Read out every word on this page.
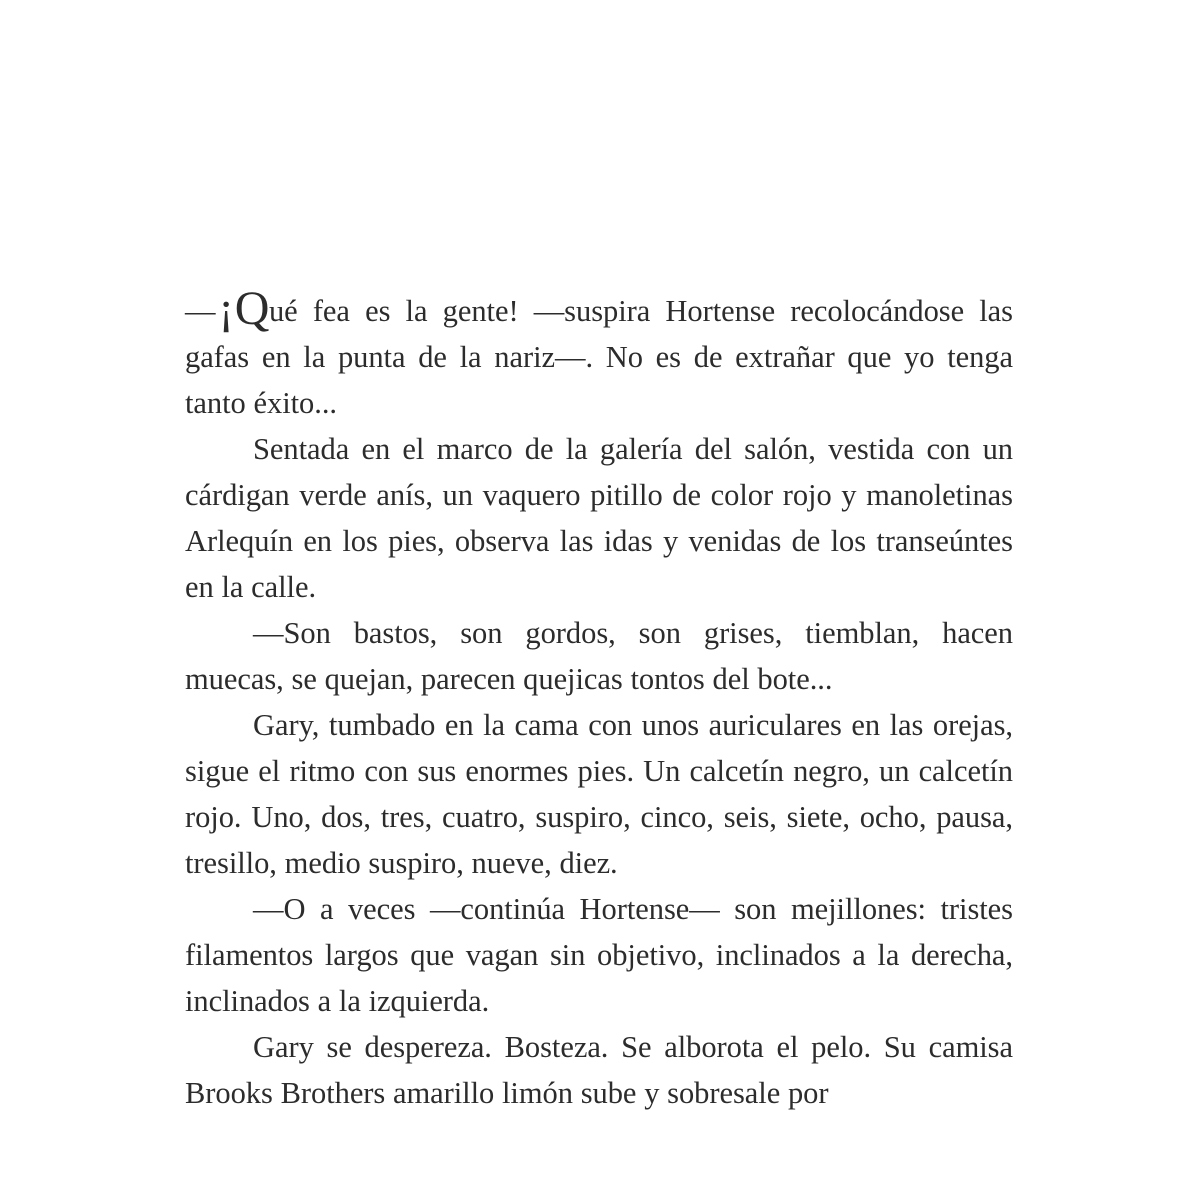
—¡Qué fea es la gente! —suspira Hortense recolocándose las gafas en la punta de la nariz—. No es de extrañar que yo tenga tanto éxito...

Sentada en el marco de la galería del salón, vestida con un cárdigan verde anís, un vaquero pitillo de color rojo y manoletinas Arlequín en los pies, observa las idas y venidas de los transeúntes en la calle.

—Son bastos, son gordos, son grises, tiemblan, hacen muecas, se quejan, parecen quejicas tontos del bote...

Gary, tumbado en la cama con unos auriculares en las orejas, sigue el ritmo con sus enormes pies. Un calcetín negro, un calcetín rojo. Uno, dos, tres, cuatro, suspiro, cinco, seis, siete, ocho, pausa, tresillo, medio suspiro, nueve, diez.

—O a veces —continúa Hortense— son mejillones: tristes filamentos largos que vagan sin objetivo, inclinados a la derecha, inclinados a la izquierda.

Gary se despereza. Bosteza. Se alborota el pelo. Su camisa Brooks Brothers amarillo limón sube y sobresale por
